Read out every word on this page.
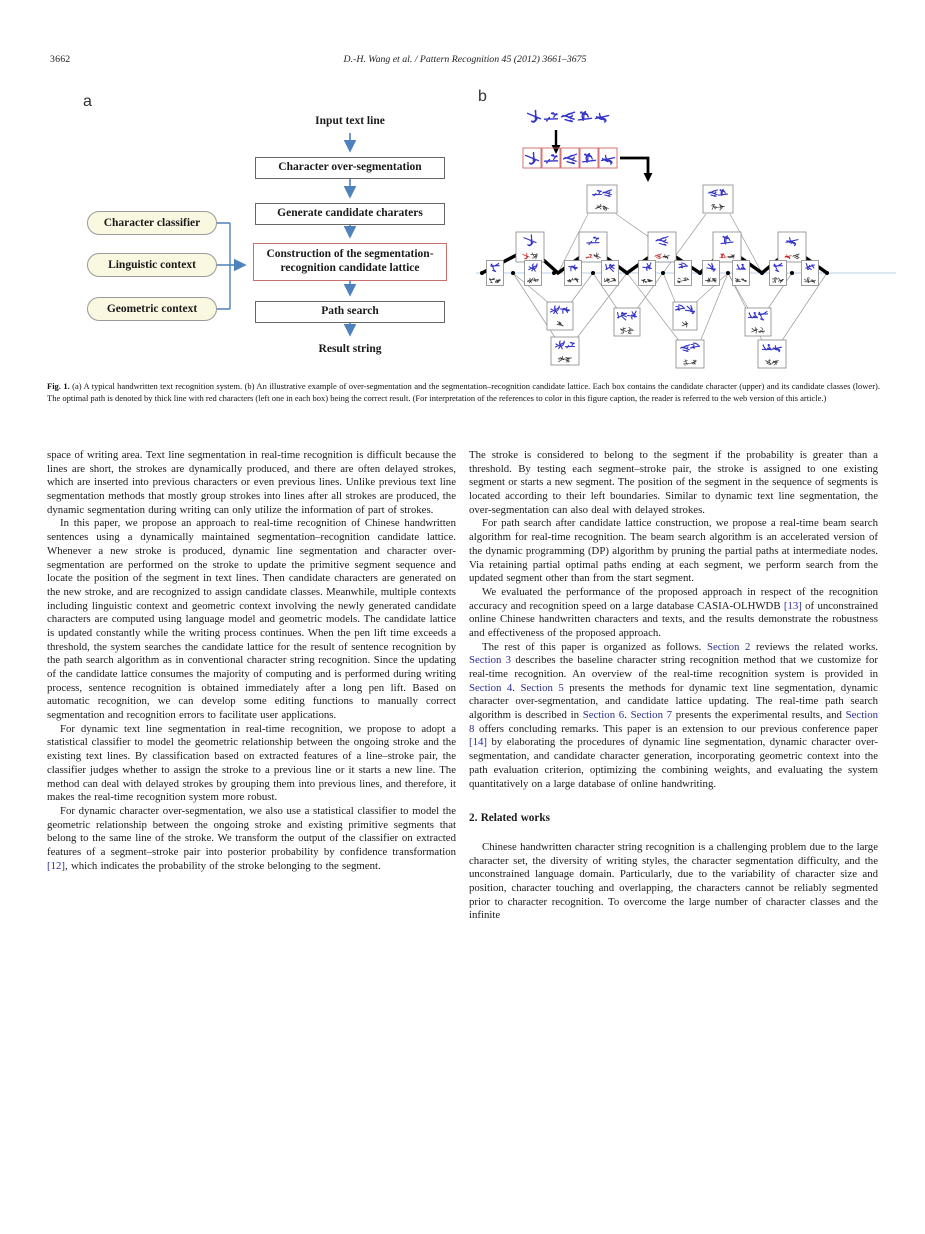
3662	D.-H. Wang et al. / Pattern Recognition 45 (2012) 3661–3675
a
Input text line
Character over-segmentation
Generate candidate charaters
Construction of the segmentation-
recognition candidate lattice
Path search
Result string
Character classifier
Linguistic context
Geometric context
b

Fig. 1. (a) A typical handwritten text recognition system. (b) An illustrative example of over-segmentation and the segmentation–recognition candidate lattice. Each box contains the candidate character (upper) and its candidate classes (lower). The optimal path is denoted by thick line with red characters (left one in each box) being the correct result. (For interpretation of the references to color in this figure caption, the reader is referred to the web version of this article.)

space of writing area. Text line segmentation in real-time recognition is difficult because the lines are short, the strokes are dynamically produced, and there are often delayed strokes, which are inserted into previous characters or even previous lines. Unlike previous text line segmentation methods that mostly group strokes into lines after all strokes are produced, the dynamic segmentation during writing can only utilize the information of part of strokes.

In this paper, we propose an approach to real-time recognition of Chinese handwritten sentences using a dynamically maintained segmentation–recognition candidate lattice. Whenever a new stroke is produced, dynamic line segmentation and character over-segmentation are performed on the stroke to update the primitive segment sequence and locate the position of the segment in text lines. Then candidate characters are generated on the new stroke, and are recognized to assign candidate classes. Meanwhile, multiple contexts including linguistic context and geometric context involving the newly generated candidate characters are computed using language model and geometric models. The candidate lattice is updated constantly while the writing process continues. When the pen lift time exceeds a threshold, the system searches the candidate lattice for the result of sentence recognition by the path search algorithm as in conventional character string recognition. Since the updating of the candidate lattice consumes the majority of computing and is performed during writing process, sentence recognition is obtained immediately after a long pen lift. Based on automatic recognition, we can develop some editing functions to manually correct segmentation and recognition errors to facilitate user applications.

For dynamic text line segmentation in real-time recognition, we propose to adopt a statistical classifier to model the geometric relationship between the ongoing stroke and the existing text lines. By classification based on extracted features of a line–stroke pair, the classifier judges whether to assign the stroke to a previous line or it starts a new line. The method can deal with delayed strokes by grouping them into previous lines, and therefore, it makes the real-time recognition system more robust.

For dynamic character over-segmentation, we also use a statistical classifier to model the geometric relationship between the ongoing stroke and existing primitive segments that belong to the same line of the stroke. We transform the output of the classifier on extracted features of a segment–stroke pair into posterior probability by confidence transformation [12], which indicates the probability of the stroke belonging to the segment.

The stroke is considered to belong to the segment if the probability is greater than a threshold. By testing each segment–stroke pair, the stroke is assigned to one existing segment or starts a new segment. The position of the segment in the sequence of segments is located according to their left boundaries. Similar to dynamic text line segmentation, the over-segmentation can also deal with delayed strokes.

For path search after candidate lattice construction, we propose a real-time beam search algorithm for real-time recognition. The beam search algorithm is an accelerated version of the dynamic programming (DP) algorithm by pruning the partial paths at intermediate nodes. Via retaining partial optimal paths ending at each segment, we perform search from the updated segment other than from the start segment.

We evaluated the performance of the proposed approach in respect of the recognition accuracy and recognition speed on a large database CASIA-OLHWDB [13] of unconstrained online Chinese handwritten characters and texts, and the results demonstrate the robustness and effectiveness of the proposed approach.

The rest of this paper is organized as follows. Section 2 reviews the related works. Section 3 describes the baseline character string recognition method that we customize for real-time recognition. An overview of the real-time recognition system is provided in Section 4. Section 5 presents the methods for dynamic text line segmentation, dynamic character over-segmentation, and candidate lattice updating. The real-time path search algorithm is described in Section 6. Section 7 presents the experimental results, and Section 8 offers concluding remarks. This paper is an extension to our previous conference paper [14] by elaborating the procedures of dynamic line segmentation, dynamic character over-segmentation, and candidate character generation, incorporating geometric context into the path evaluation criterion, optimizing the combining weights, and evaluating the system quantitatively on a large database of online handwriting.

2. Related works

Chinese handwritten character string recognition is a challenging problem due to the large character set, the diversity of writing styles, the character segmentation difficulty, and the unconstrained language domain. Particularly, due to the variability of character size and position, character touching and overlapping, the characters cannot be reliably segmented prior to character recognition. To overcome the large number of character classes and the infinite
